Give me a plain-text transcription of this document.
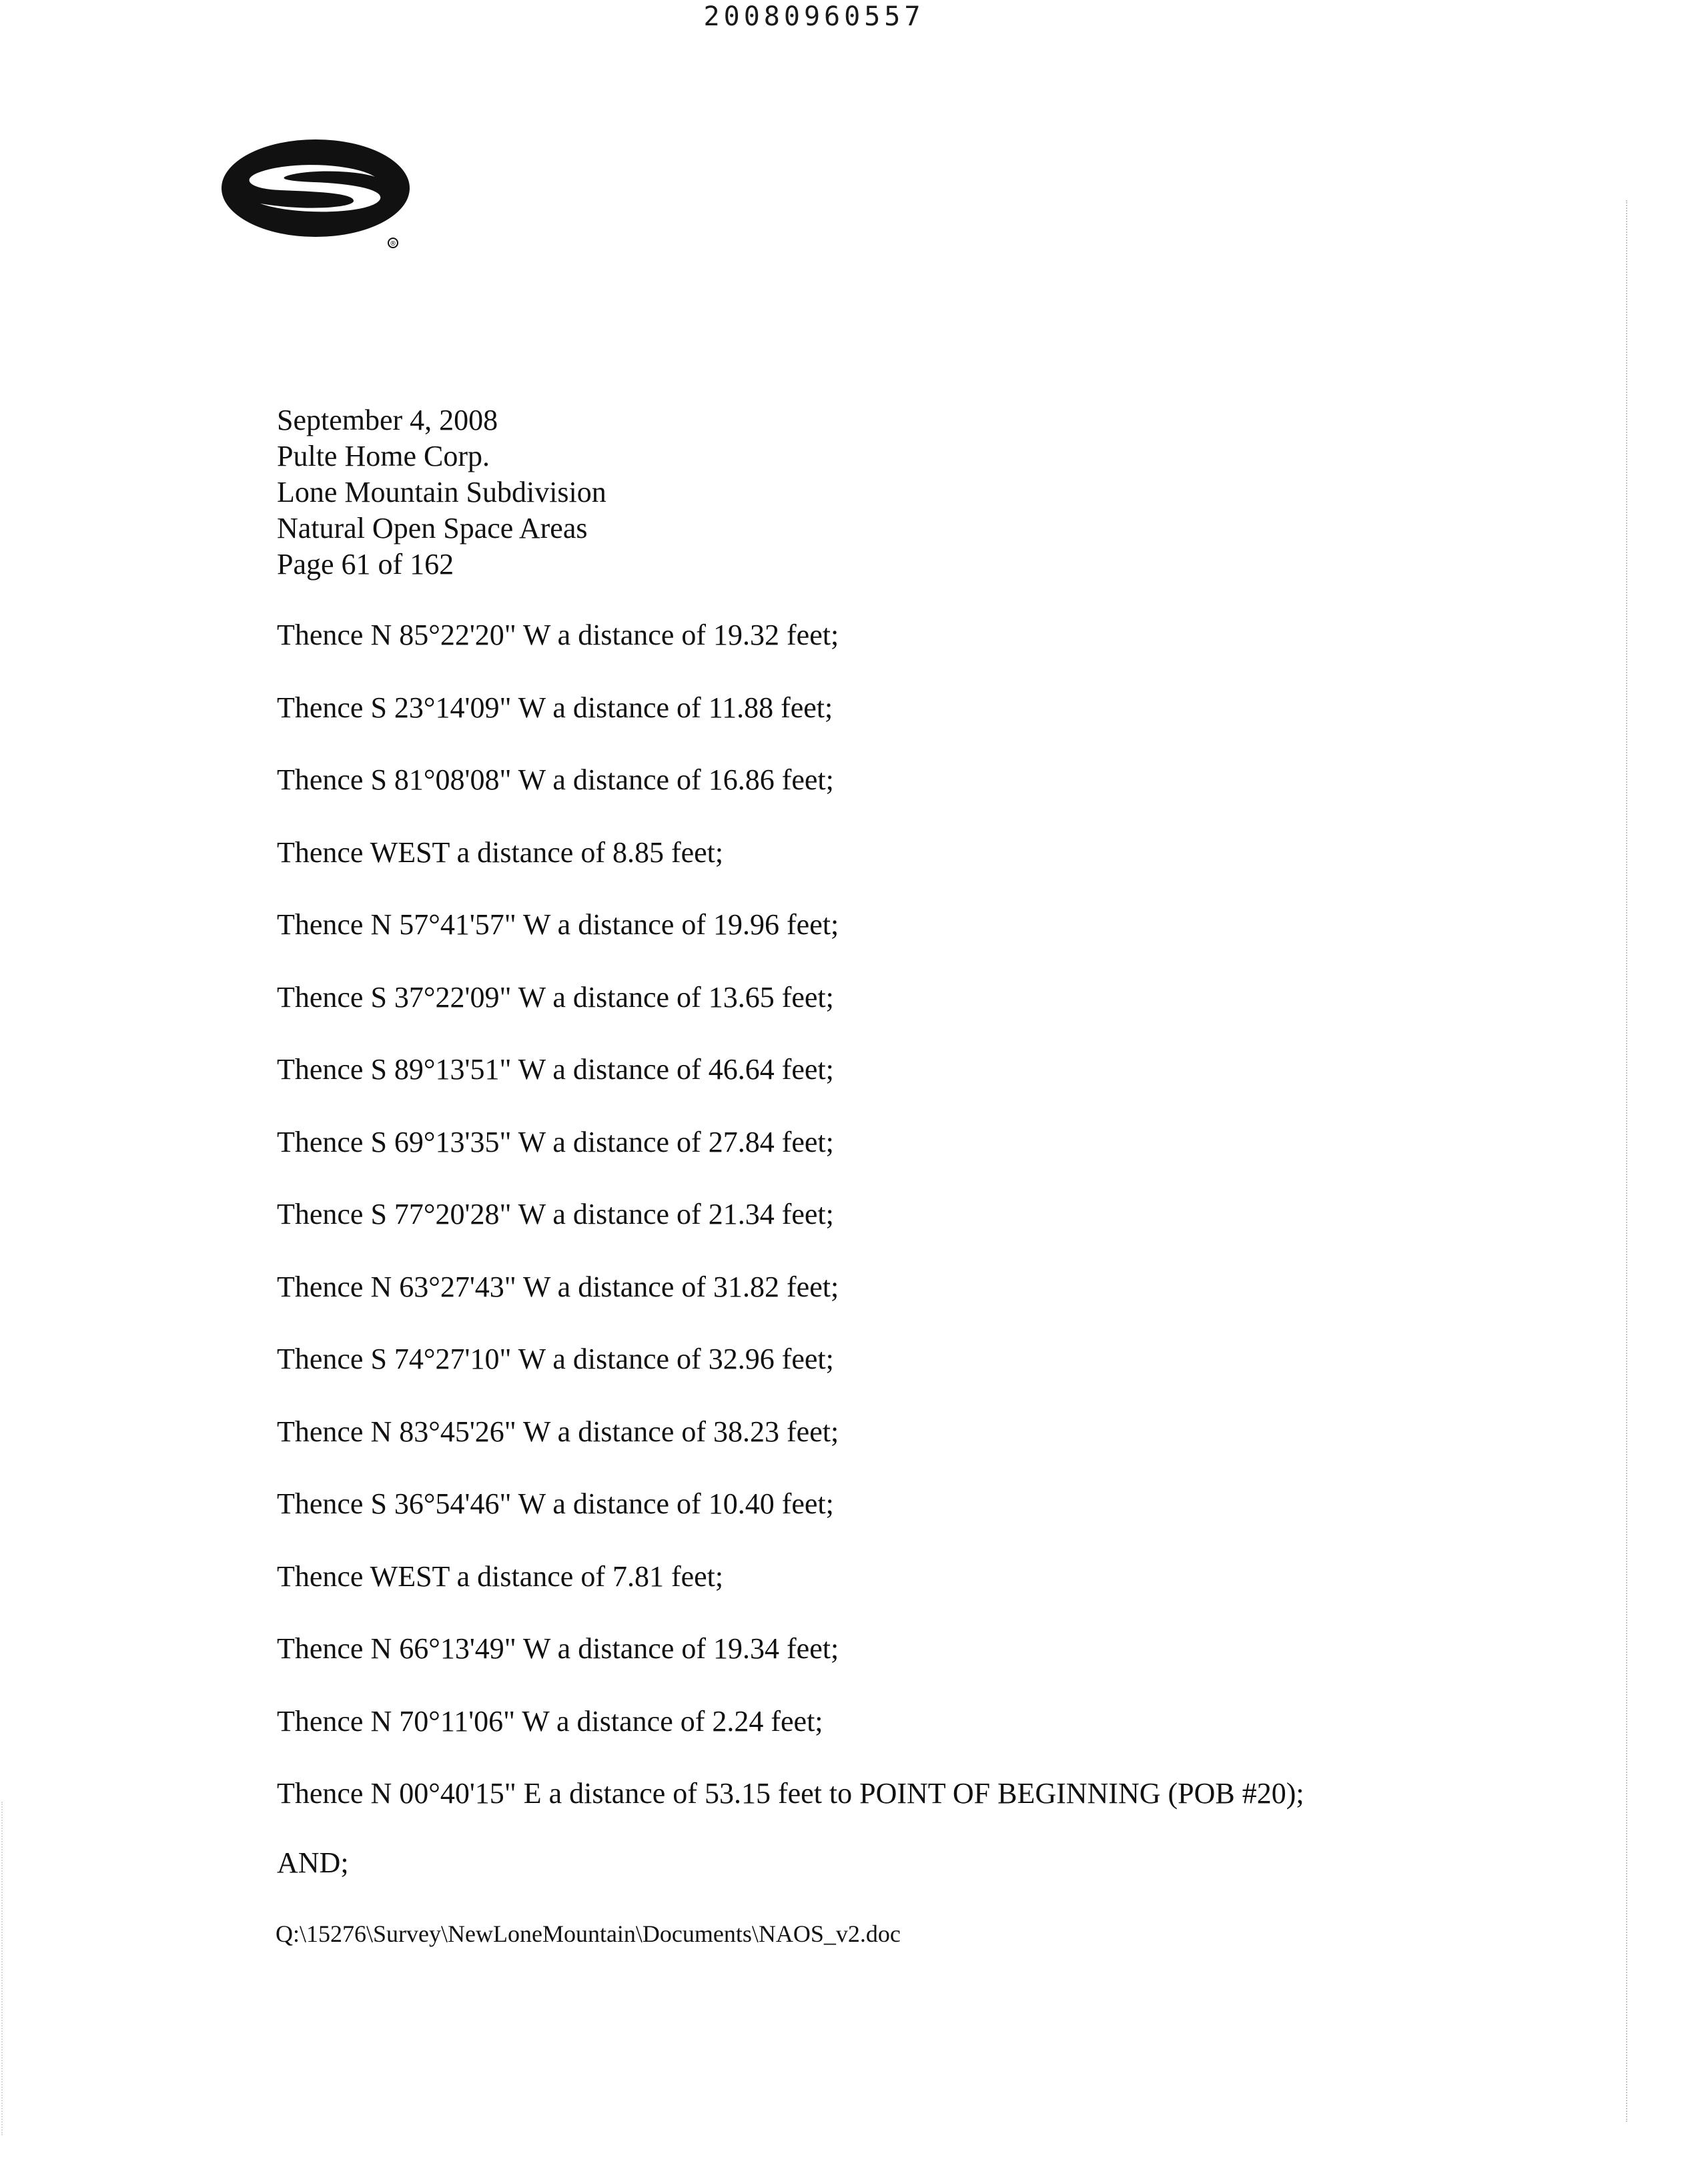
20080960557
®
September 4, 2008
Pulte Home Corp.
Lone Mountain Subdivision
Natural Open Space Areas
Page 61 of 162
Thence N 85°22'20" W a distance of 19.32 feet;
Thence S 23°14'09" W a distance of 11.88 feet;
Thence S 81°08'08" W a distance of 16.86 feet;
Thence WEST a distance of 8.85 feet;
Thence N 57°41'57" W a distance of 19.96 feet;
Thence S 37°22'09" W a distance of 13.65 feet;
Thence S 89°13'51" W a distance of 46.64 feet;
Thence S 69°13'35" W a distance of 27.84 feet;
Thence S 77°20'28" W a distance of 21.34 feet;
Thence N 63°27'43" W a distance of 31.82 feet;
Thence S 74°27'10" W a distance of 32.96 feet;
Thence N 83°45'26" W a distance of 38.23 feet;
Thence S 36°54'46" W a distance of 10.40 feet;
Thence WEST a distance of 7.81 feet;
Thence N 66°13'49" W a distance of 19.34 feet;
Thence N 70°11'06" W a distance of 2.24 feet;
Thence N 00°40'15" E a distance of 53.15 feet to POINT OF BEGINNING (POB #20);
AND;
Q:\15276\Survey\NewLoneMountain\Documents\NAOS_v2.doc
